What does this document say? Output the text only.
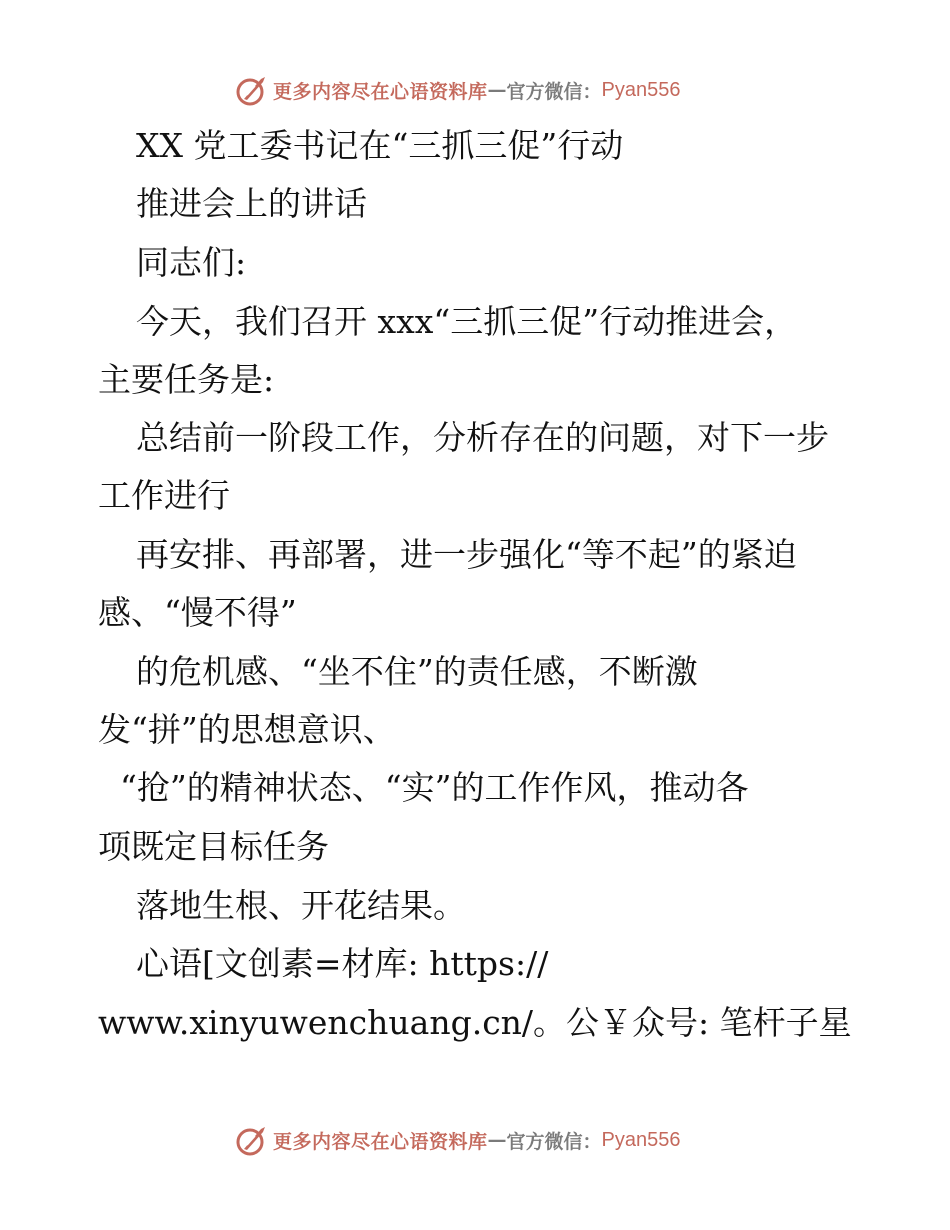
更多内容尽在心语资料库 — 官方微信： Pyan556
XX 党工委书记在“三抓三促”行动
推进会上的讲话
同志们:
今天，我们召开 xxx“三抓三促”行动推进会，
主要任务是:
总结前一阶段工作，分析存在的问题，对下一步
工作进行
再安排、再部署，进一步强化“等不起”的紧迫
感、“慢不得”
的危机感、“坐不住”的责任感，不断激
发“拼”的思想意识、
“抢”的精神状态、“实”的工作作风，推动各
项既定目标任务
落地生根、开花结果。
心语[文创素=材库: https://
www.xinyuwenchuang.cn/。公￥众号: 笔杆子星
更多内容尽在心语资料库 — 官方微信： Pyan556
